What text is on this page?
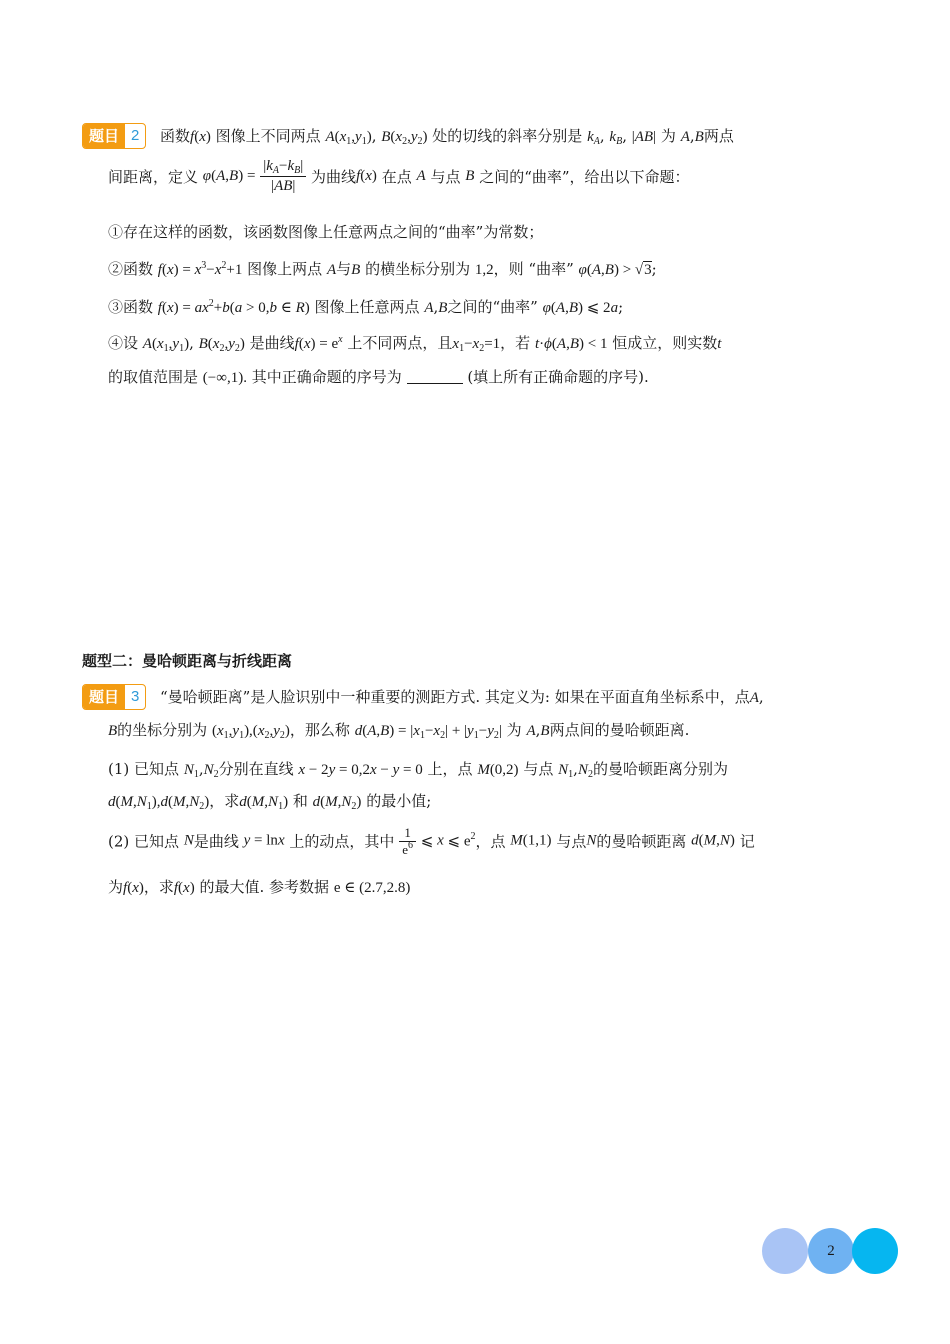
题目 2	函数f(x) 图像上不同两点 $A(x_1,y_1)$, $B(x_2,y_2)$ 处的切线的斜率分别是 $k_A$, $k_B$, |AB| 为 A,B两点
间距离，定义 $\varphi(A,B) = \frac{|k_A-k_B|}{|AB|}$ 为曲线f(x) 在点 A 与点 B 之间的“曲率”，给出以下命题：
①存在这样的函数，该函数图像上任意两点之间的“曲率”为常数；
②函数 $f(x) = x^3-x^2+1$ 图像上两点 A与B 的横坐标分别为 1,2，则 “曲率” φ(A,B) > √3;
③函数 $f(x) = ax^2+b(a > 0,b$ ∈ R) 图像上任意两点 A,B之间的“曲率” φ(A,B) ⩽ 2a;
④设 $A(x_1,y_1)$, $B(x_2,y_2)$ 是曲线$f(x) = e^x$ 上不同两点，且$x_1-x_2=1$，若 t·ϕ(A,B) < 1 恒成立，则实数t
的取值范围是 (−∞,1). 其中正确命题的序号为	(填上所有正确命题的序号).
题型二：曼哈顿距离与折线距离
题目 3	“曼哈顿距离”是人脸识别中一种重要的测距方式. 其定义为: 如果在平面直角坐标系中，点A,
B的坐标分别为 $(x_1,y_1),(x_2,y_2)$，那么称 $d(A,B) = |x_1-x_2| + |y_1-y_2|$ 为 A,B两点间的曼哈顿距离.
(1) 已知点 $N_1,N_2$分别在直线 x − 2y = 0,2x − y = 0 上，点 M(0,2) 与点 $N_1,N_2$的曼哈顿距离分别为
$d(M,N_1),d(M,N_2)$，求$d(M,N_1)$ 和 $d(M,N_2)$ 的最小值;
(2) 已知点 N是曲线 y = lnx 上的动点，其中 $\frac{1}{e^6}$ ⩽ x ⩽ $e^2$，点 M(1,1) 与点N的曼哈顿距离 d(M,N) 记
为f(x)，求f(x) 的最大值. 参考数据 e ∈ (2.7,2.8)
2
